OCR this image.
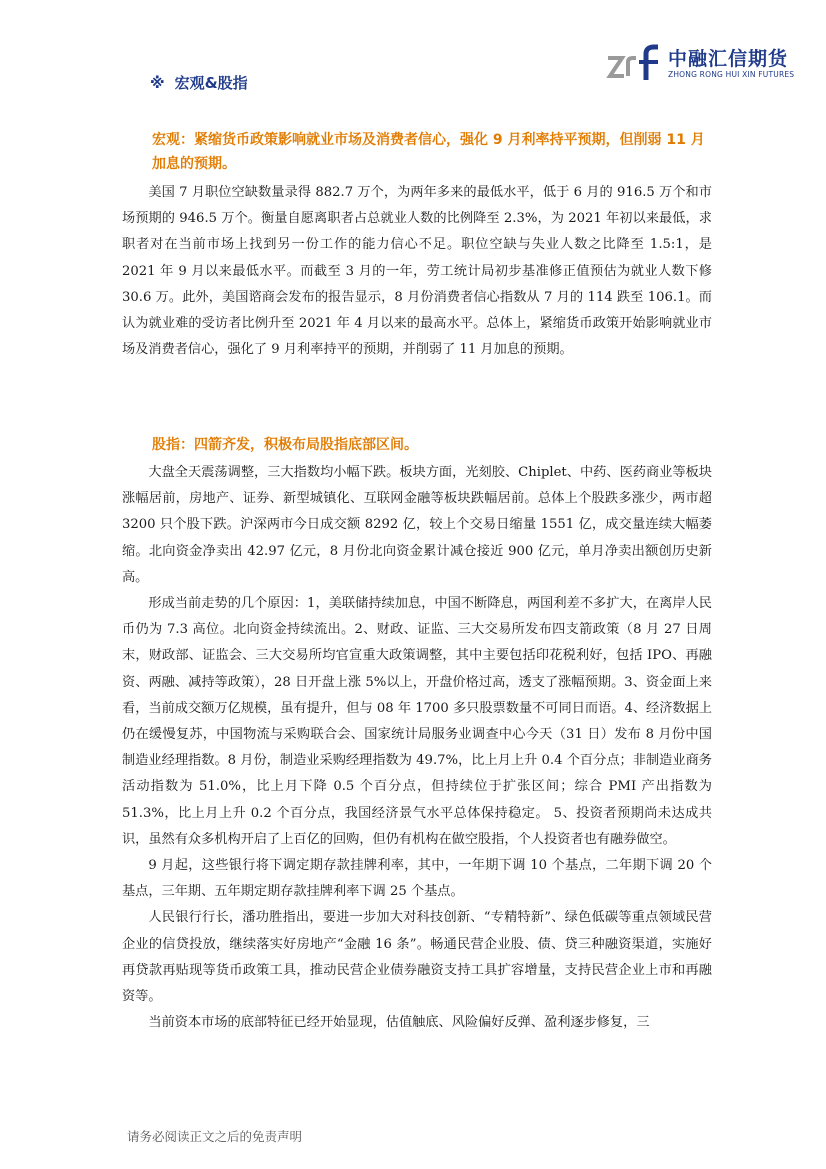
中融汇信期货
ZHONG RONG HUI XIN FUTURES
※ 宏观&股指
宏观：紧缩货币政策影响就业市场及消费者信心，强化 9 月利率持平预期，但削弱 11 月加息的预期。

美国 7 月职位空缺数量录得 882.7 万个，为两年多来的最低水平，低于 6 月的 916.5 万个和市场预期的 946.5 万个。衡量自愿离职者占总就业人数的比例降至 2.3%，为 2021 年初以来最低，求职者对在当前市场上找到另一份工作的能力信心不足。职位空缺与失业人数之比降至 1.5:1，是 2021 年 9 月以来最低水平。而截至 3 月的一年，劳工统计局初步基准修正值预估为就业人数下修 30.6 万。此外，美国谘商会发布的报告显示，8 月份消费者信心指数从 7 月的 114 跌至 106.1。而认为就业难的受访者比例升至 2021 年 4 月以来的最高水平。总体上，紧缩货币政策开始影响就业市场及消费者信心，强化了 9 月利率持平的预期，并削弱了 11 月加息的预期。

股指：四箭齐发，积极布局股指底部区间。

大盘全天震荡调整，三大指数均小幅下跌。板块方面，光刻胶、Chiplet、中药、医药商业等板块涨幅居前，房地产、证券、新型城镇化、互联网金融等板块跌幅居前。总体上个股跌多涨少，两市超 3200 只个股下跌。沪深两市今日成交额 8292 亿，较上个交易日缩量 1551 亿，成交量连续大幅萎缩。北向资金净卖出 42.97 亿元，8 月份北向资金累计减仓接近 900 亿元，单月净卖出额创历史新高。

形成当前走势的几个原因：1，美联储持续加息，中国不断降息，两国利差不多扩大，在离岸人民币仍为 7.3 高位。北向资金持续流出。2、财政、证监、三大交易所发布四支箭政策（8 月 27 日周末，财政部、证监会、三大交易所均官宣重大政策调整，其中主要包括印花税利好，包括 IPO、再融资、两融、减持等政策），28 日开盘上涨 5%以上，开盘价格过高，透支了涨幅预期。3、资金面上来看，当前成交额万亿规模，虽有提升，但与 08 年 1700 多只股票数量不可同日而语。4、经济数据上仍在缓慢复苏，中国物流与采购联合会、国家统计局服务业调查中心今天（31 日）发布 8 月份中国制造业经理指数。8 月份，制造业采购经理指数为 49.7%，比上月上升 0.4 个百分点；非制造业商务活动指数为 51.0%，比上月下降 0.5 个百分点，但持续位于扩张区间；综合 PMI 产出指数为 51.3%，比上月上升 0.2 个百分点，我国经济景气水平总体保持稳定。 5、投资者预期尚未达成共识，虽然有众多机构开启了上百亿的回购，但仍有机构在做空股指，个人投资者也有融券做空。

9 月起，这些银行将下调定期存款挂牌利率，其中，一年期下调 10 个基点，二年期下调 20 个基点，三年期、五年期定期存款挂牌利率下调 25 个基点。

人民银行行长，潘功胜指出，要进一步加大对科技创新、“专精特新”、绿色低碳等重点领域民营企业的信贷投放，继续落实好房地产“金融 16 条”。畅通民营企业股、债、贷三种融资渠道，实施好再贷款再贴现等货币政策工具，推动民营企业债券融资支持工具扩容增量，支持民营企业上市和再融资等。

当前资本市场的底部特征已经开始显现，估值触底、风险偏好反弹、盈利逐步修复，三

请务必阅读正文之后的免责声明
